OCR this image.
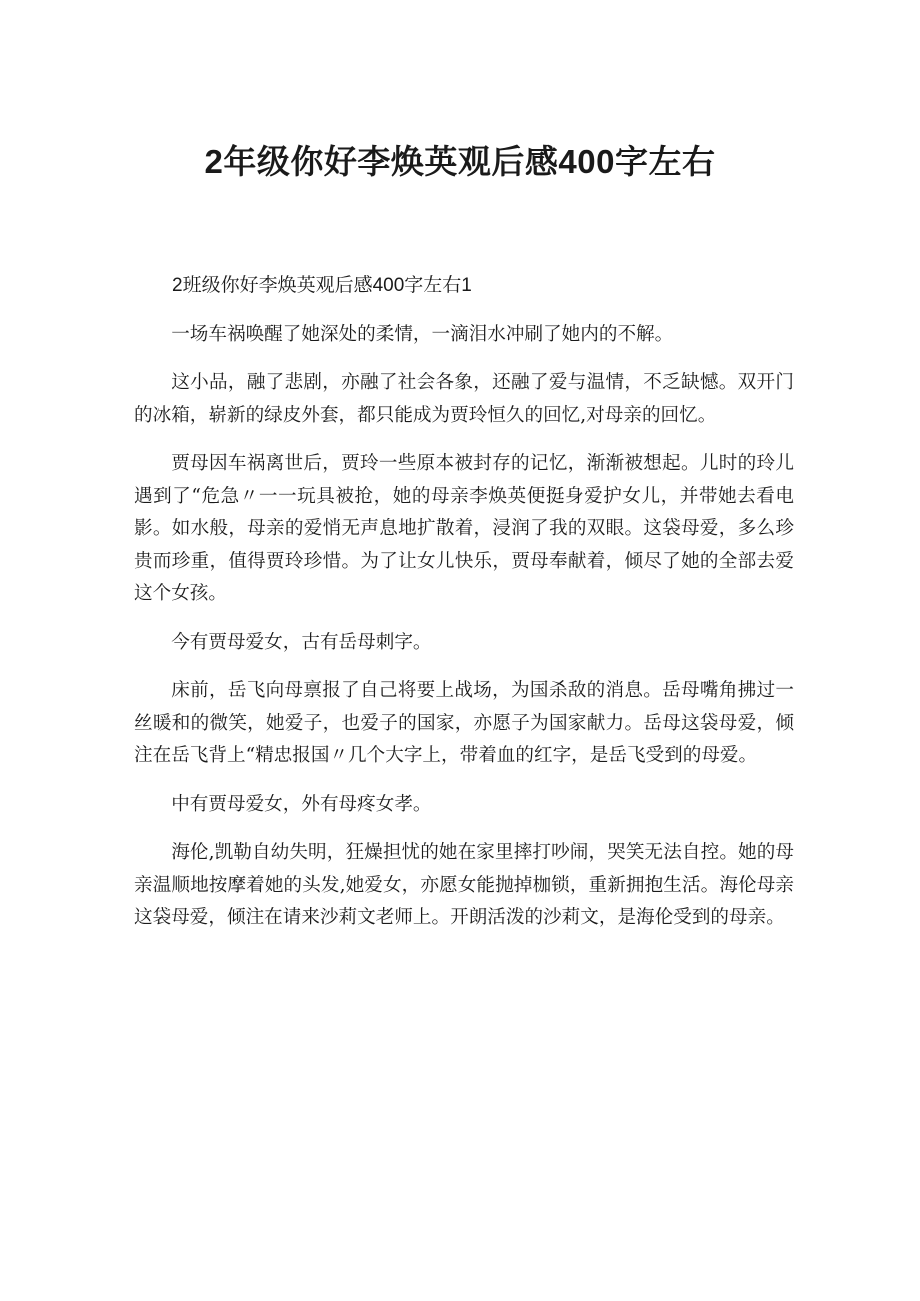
2年级你好李焕英观后感400字左右

2班级你好李焕英观后感400字左右1

一场车祸唤醒了她深处的柔情，一滴泪水冲刷了她内的不解。

这小品，融了悲剧，亦融了社会各象，还融了爱与温情，不乏缺憾。双开门的冰箱，崭新的绿皮外套，都只能成为贾玲恒久的回忆,对母亲的回忆。

贾母因车祸离世后，贾玲一些原本被封存的记忆，渐渐被想起。儿时的玲儿遇到了“危急〃一一玩具被抢，她的母亲李焕英便挺身爱护女儿，并带她去看电影。如水般，母亲的爱悄无声息地扩散着，浸润了我的双眼。这袋母爱，多么珍贵而珍重，值得贾玲珍惜。为了让女儿快乐，贾母奉献着，倾尽了她的全部去爱这个女孩。

今有贾母爱女，古有岳母刺字。

床前，岳飞向母禀报了自己将要上战场，为国杀敌的消息。岳母嘴角拂过一丝暖和的微笑，她爱子，也爱子的国家，亦愿子为国家献力。岳母这袋母爱，倾注在岳飞背上“精忠报国〃几个大字上，带着血的红字，是岳飞受到的母爱。

中有贾母爱女，外有母疼女孝。

海伦,凯勒自幼失明，狂燥担忧的她在家里摔打吵闹，哭笑无法自控。她的母亲温顺地按摩着她的头发,她爱女，亦愿女能抛掉枷锁，重新拥抱生活。海伦母亲这袋母爱，倾注在请来沙莉文老师上。开朗活泼的沙莉文，是海伦受到的母亲。
